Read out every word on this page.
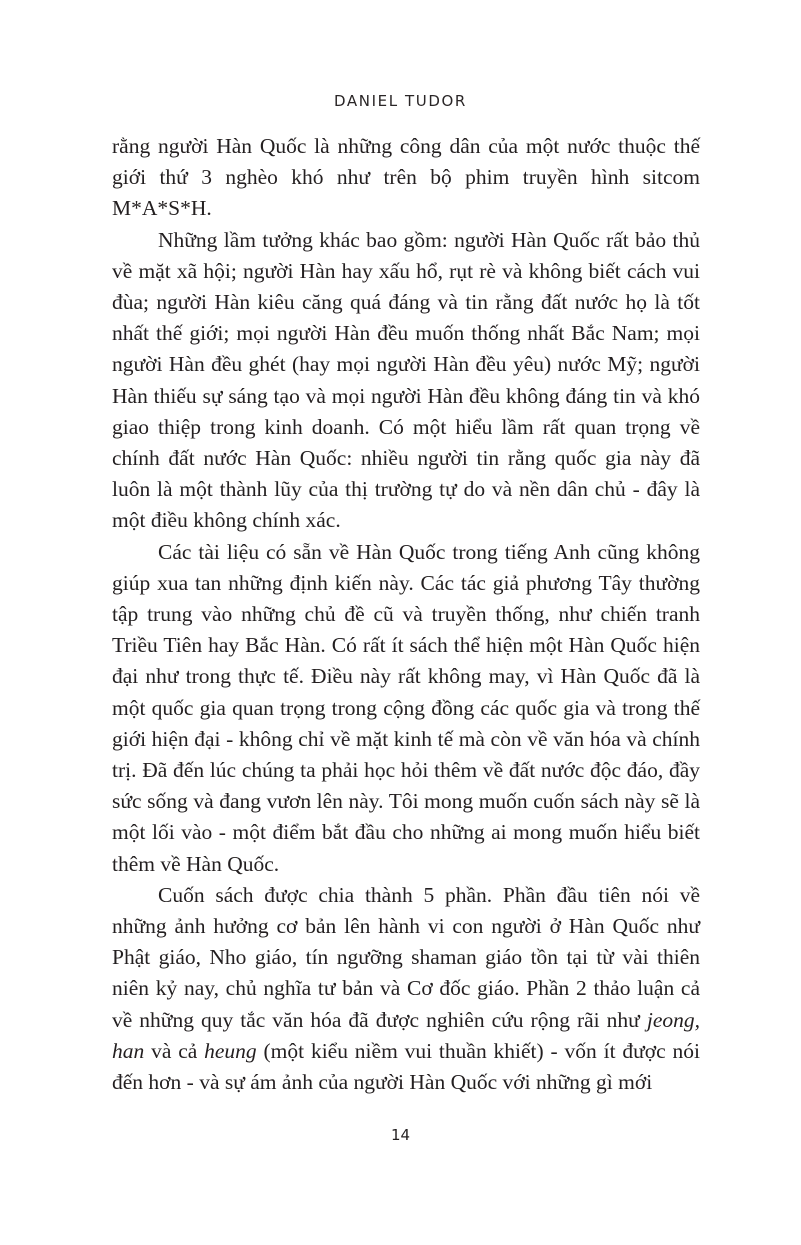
DANIEL TUDOR

rằng người Hàn Quốc là những công dân của một nước thuộc thế giới thứ 3 nghèo khó như trên bộ phim truyền hình sitcom M*A*S*H.

Những lầm tưởng khác bao gồm: người Hàn Quốc rất bảo thủ về mặt xã hội; người Hàn hay xấu hổ, rụt rè và không biết cách vui đùa; người Hàn kiêu căng quá đáng và tin rằng đất nước họ là tốt nhất thế giới; mọi người Hàn đều muốn thống nhất Bắc Nam; mọi người Hàn đều ghét (hay mọi người Hàn đều yêu) nước Mỹ; người Hàn thiếu sự sáng tạo và mọi người Hàn đều không đáng tin và khó giao thiệp trong kinh doanh. Có một hiểu lầm rất quan trọng về chính đất nước Hàn Quốc: nhiều người tin rằng quốc gia này đã luôn là một thành lũy của thị trường tự do và nền dân chủ - đây là một điều không chính xác.

Các tài liệu có sẵn về Hàn Quốc trong tiếng Anh cũng không giúp xua tan những định kiến này. Các tác giả phương Tây thường tập trung vào những chủ đề cũ và truyền thống, như chiến tranh Triều Tiên hay Bắc Hàn. Có rất ít sách thể hiện một Hàn Quốc hiện đại như trong thực tế. Điều này rất không may, vì Hàn Quốc đã là một quốc gia quan trọng trong cộng đồng các quốc gia và trong thế giới hiện đại - không chỉ về mặt kinh tế mà còn về văn hóa và chính trị. Đã đến lúc chúng ta phải học hỏi thêm về đất nước độc đáo, đầy sức sống và đang vươn lên này. Tôi mong muốn cuốn sách này sẽ là một lối vào - một điểm bắt đầu cho những ai mong muốn hiểu biết thêm về Hàn Quốc.

Cuốn sách được chia thành 5 phần. Phần đầu tiên nói về những ảnh hưởng cơ bản lên hành vi con người ở Hàn Quốc như Phật giáo, Nho giáo, tín ngưỡng shaman giáo tồn tại từ vài thiên niên kỷ nay, chủ nghĩa tư bản và Cơ đốc giáo. Phần 2 thảo luận cả về những quy tắc văn hóa đã được nghiên cứu rộng rãi như jeong, han và cả heung (một kiểu niềm vui thuần khiết) - vốn ít được nói đến hơn - và sự ám ảnh của người Hàn Quốc với những gì mới

14
